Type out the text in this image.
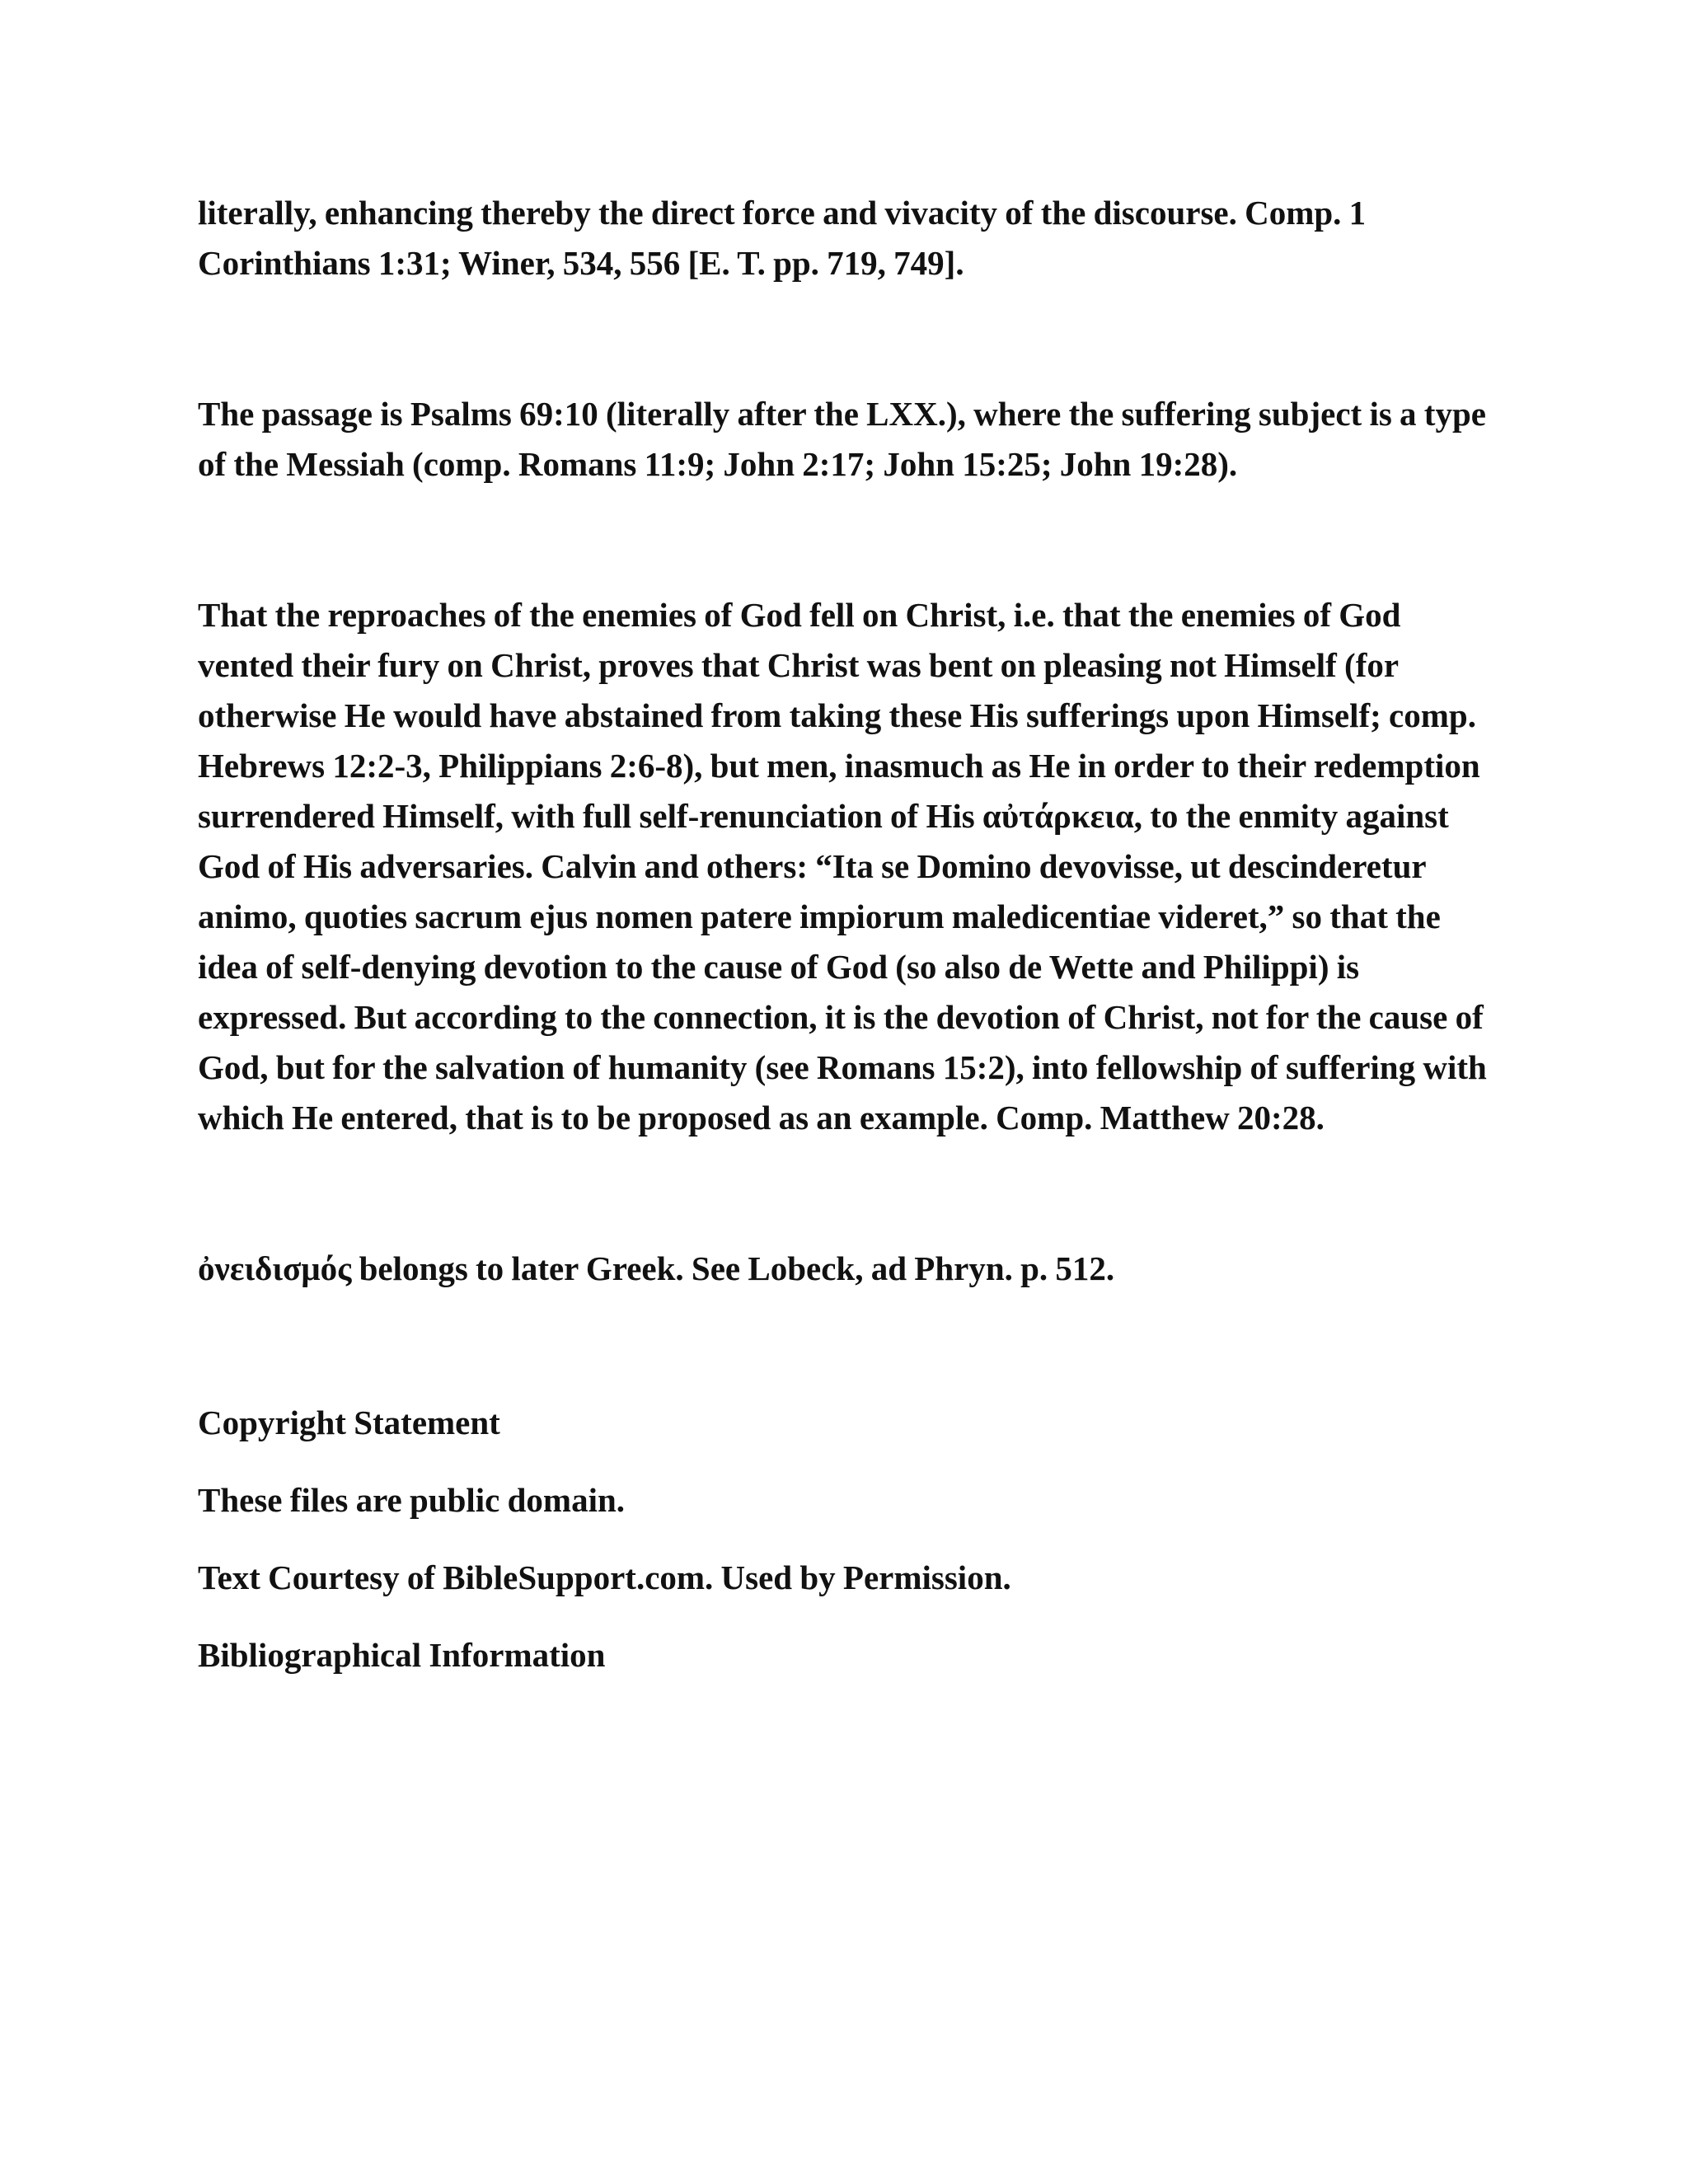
literally, enhancing thereby the direct force and vivacity of the discourse. Comp. 1 Corinthians 1:31; Winer, 534, 556 [E. T. pp. 719, 749].

The passage is Psalms 69:10 (literally after the LXX.), where the suffering subject is a type of the Messiah (comp. Romans 11:9; John 2:17; John 15:25; John 19:28).

That the reproaches of the enemies of God fell on Christ, i.e. that the enemies of God vented their fury on Christ, proves that Christ was bent on pleasing not Himself (for otherwise He would have abstained from taking these His sufferings upon Himself; comp. Hebrews 12:2-3, Philippians 2:6-8), but men, inasmuch as He in order to their redemption surrendered Himself, with full self-renunciation of His αὐτάρκεια, to the enmity against God of His adversaries. Calvin and others: “Ita se Domino devovisse, ut descinderetur animo, quoties sacrum ejus nomen patere impiorum maledicentiae videret,” so that the idea of self-denying devotion to the cause of God (so also de Wette and Philippi) is expressed. But according to the connection, it is the devotion of Christ, not for the cause of God, but for the salvation of humanity (see Romans 15:2), into fellowship of suffering with which He entered, that is to be proposed as an example. Comp. Matthew 20:28.

ὀνειδισμός belongs to later Greek. See Lobeck, ad Phryn. p. 512.

Copyright Statement

These files are public domain.

Text Courtesy of BibleSupport.com. Used by Permission.

Bibliographical Information
